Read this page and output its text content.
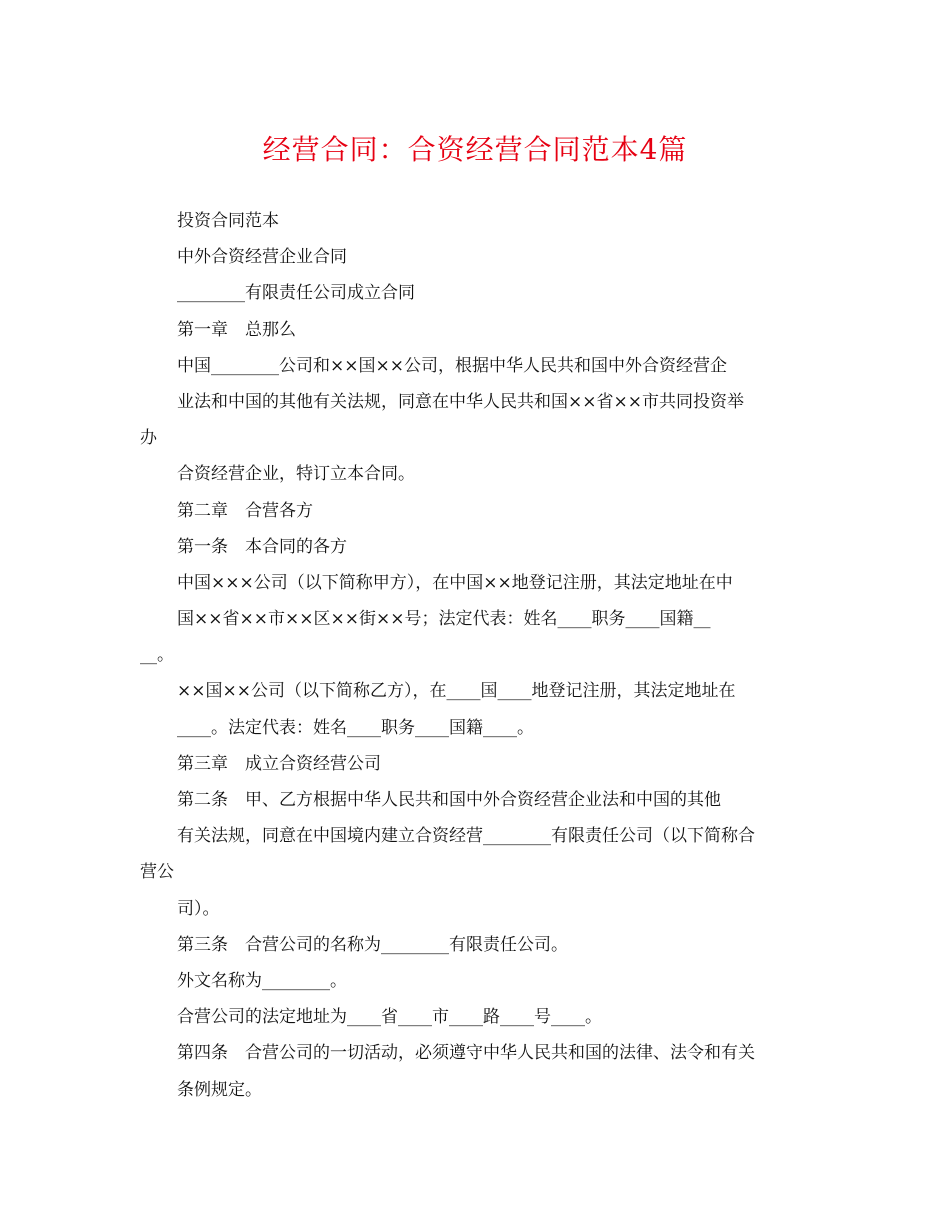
经营合同：合资经营合同范本4篇
投资合同范本
中外合资经营企业合同
________有限责任公司成立合同
第一章　总那么
中国________公司和××国××公司，根据中华人民共和国中外合资经营企
业法和中国的其他有关法规，同意在中华人民共和国××省××市共同投资举
办
合资经营企业，特订立本合同。
第二章　合营各方
第一条　本合同的各方
中国×××公司（以下简称甲方），在中国××地登记注册，其法定地址在中
国××省××市××区××街××号；法定代表：姓名____职务____国籍__
__。
××国××公司（以下简称乙方），在____国____地登记注册，其法定地址在
____。法定代表：姓名____职务____国籍____。
第三章　成立合资经营公司
第二条　甲、乙方根据中华人民共和国中外合资经营企业法和中国的其他
有关法规，同意在中国境内建立合资经营________有限责任公司（以下简称合
营公
司）。
第三条　合营公司的名称为________有限责任公司。
外文名称为________。
合营公司的法定地址为____省____市____路____号____。
第四条　合营公司的一切活动，必须遵守中华人民共和国的法律、法令和有关
条例规定。
